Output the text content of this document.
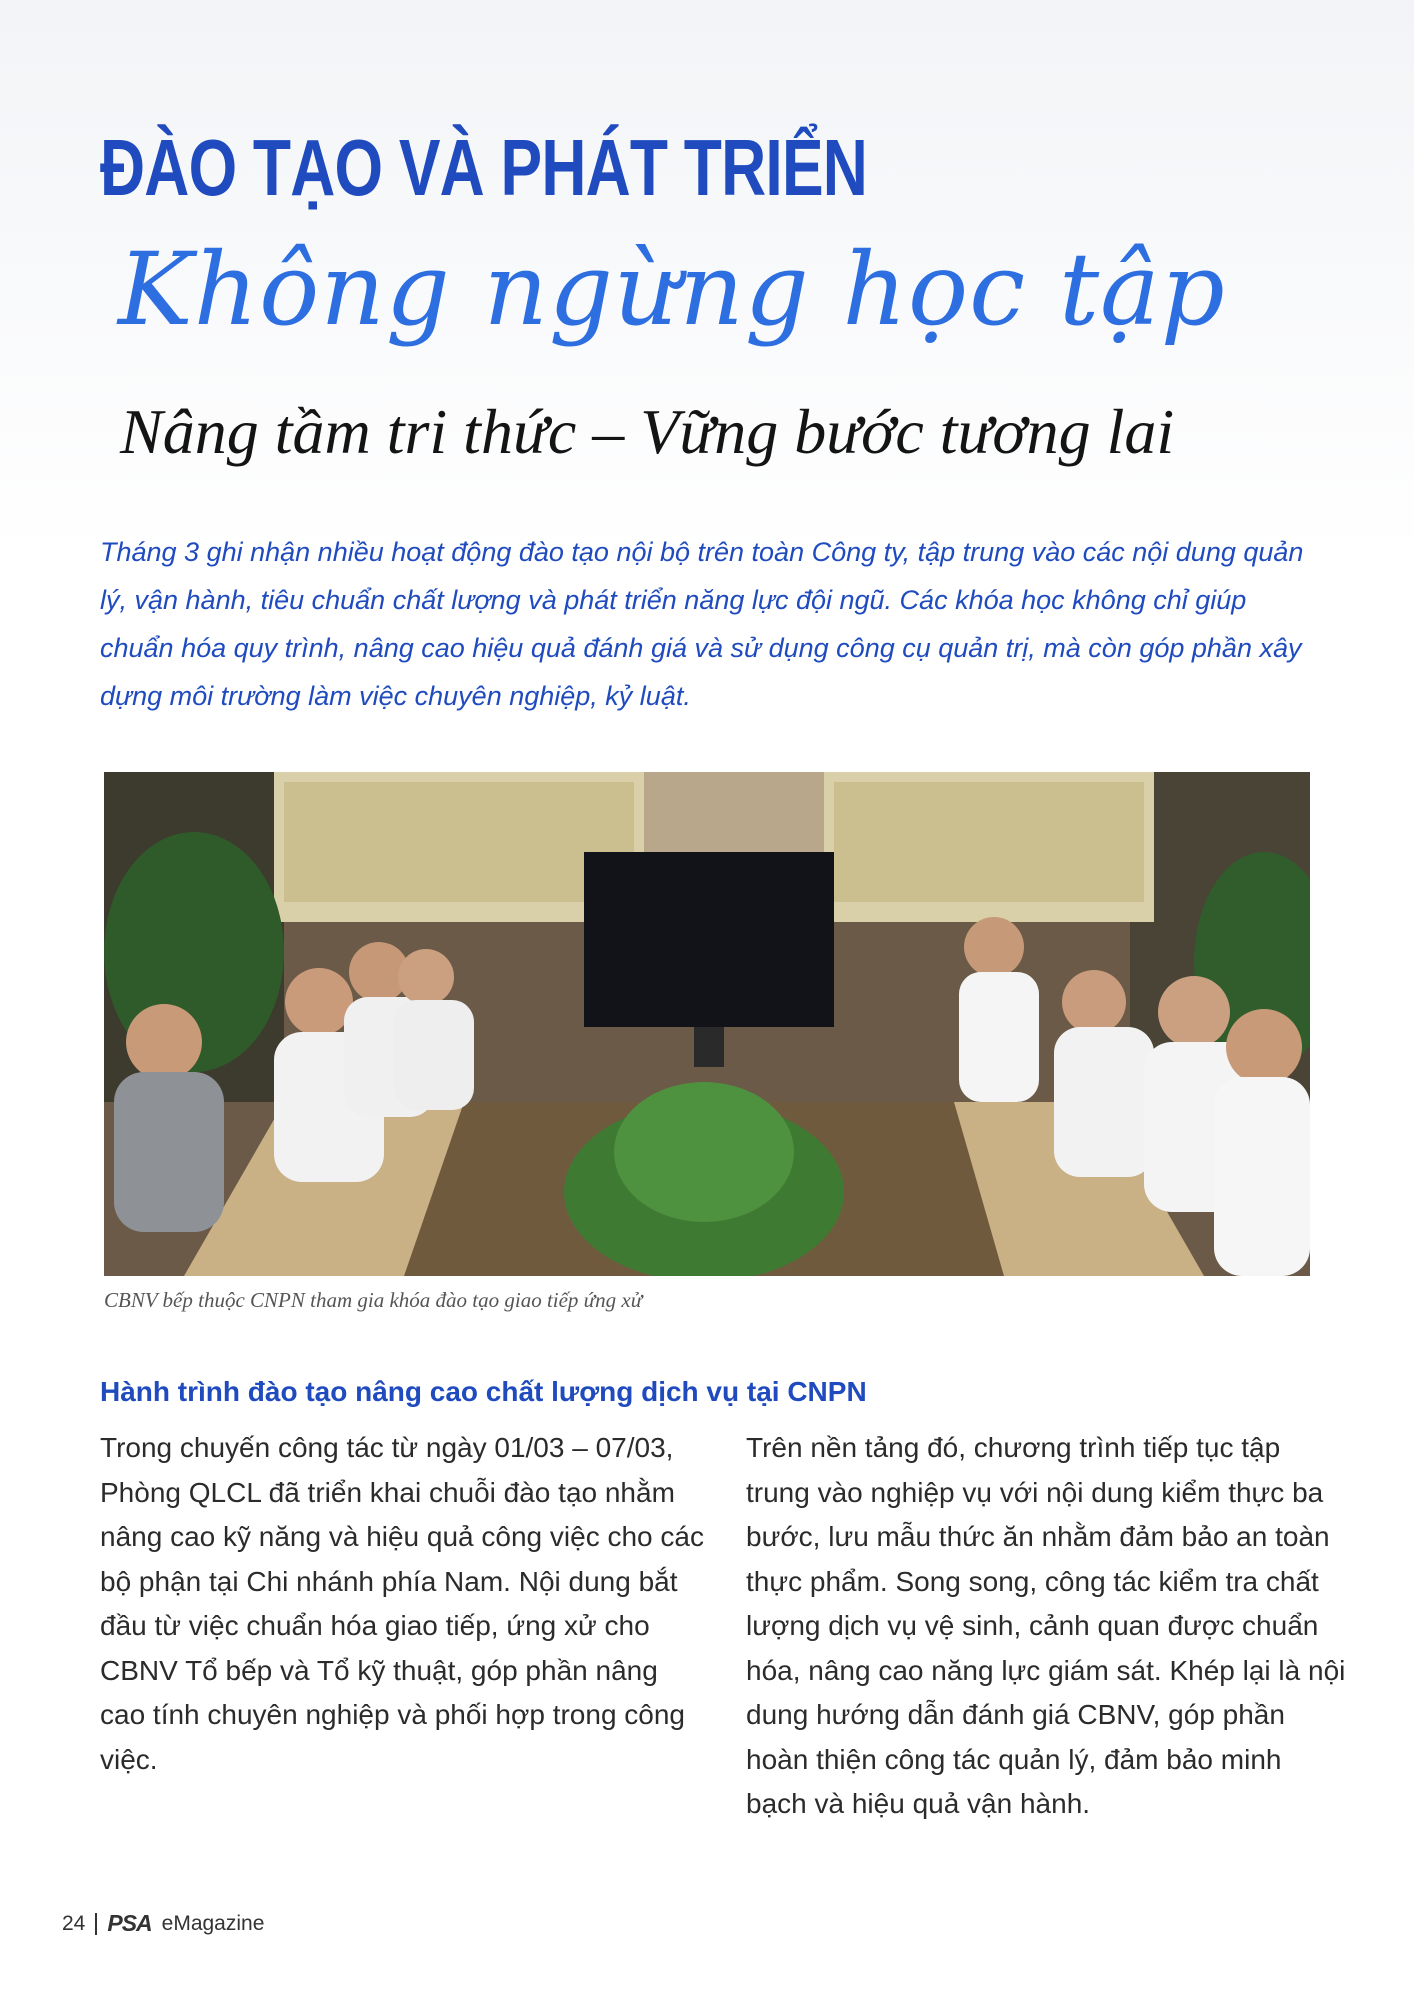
ĐÀO TẠO VÀ PHÁT TRIỂN
Không ngừng học tập
Nâng tầm tri thức – Vững bước tương lai

Tháng 3 ghi nhận nhiều hoạt động đào tạo nội bộ trên toàn Công ty, tập trung vào các nội dung quản lý, vận hành, tiêu chuẩn chất lượng và phát triển năng lực đội ngũ. Các khóa học không chỉ giúp chuẩn hóa quy trình, nâng cao hiệu quả đánh giá và sử dụng công cụ quản trị, mà còn góp phần xây dựng môi trường làm việc chuyên nghiệp, kỷ luật.

CBNV bếp thuộc CNPN tham gia khóa đào tạo giao tiếp ứng xử
Hành trình đào tạo nâng cao chất lượng dịch vụ tại CNPN

Trong chuyến công tác từ ngày 01/03 – 07/03, Phòng QLCL đã triển khai chuỗi đào tạo nhằm nâng cao kỹ năng và hiệu quả công việc cho các bộ phận tại Chi nhánh phía Nam. Nội dung bắt đầu từ việc chuẩn hóa giao tiếp, ứng xử cho CBNV Tổ bếp và Tổ kỹ thuật, góp phần nâng cao tính chuyên nghiệp và phối hợp trong công việc.

Trên nền tảng đó, chương trình tiếp tục tập trung vào nghiệp vụ với nội dung kiểm thực ba bước, lưu mẫu thức ăn nhằm đảm bảo an toàn thực phẩm. Song song, công tác kiểm tra chất lượng dịch vụ vệ sinh, cảnh quan được chuẩn hóa, nâng cao năng lực giám sát. Khép lại là nội dung hướng dẫn đánh giá CBNV, góp phần hoàn thiện công tác quản lý, đảm bảo minh bạch và hiệu quả vận hành.

24 PSA eMagazine
